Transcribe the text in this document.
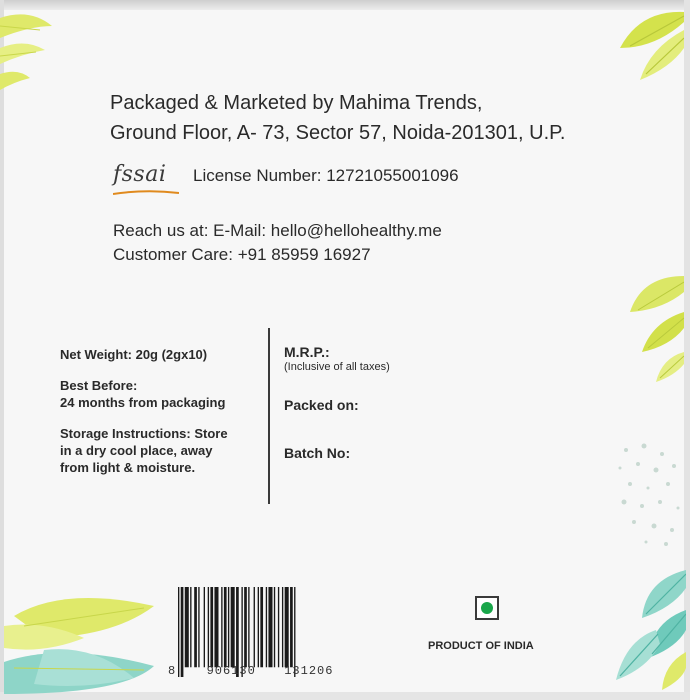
Packaged & Marketed by Mahima Trends,
Ground Floor, A- 73, Sector 57, Noida-201301, U.P.
fssai License Number: 12721055001096
Reach us at: E-Mail: hello@hellohealthy.me
Customer Care: +91 85959 16927
Net Weight: 20g (2gx10)
Best Before:
24 months from packaging
Storage Instructions: Store
in a dry cool place, away
from light & moisture.
M.R.P.:
(Inclusive of all taxes)
Packed on:
Batch No:
8	906130 131206
PRODUCT OF INDIA
